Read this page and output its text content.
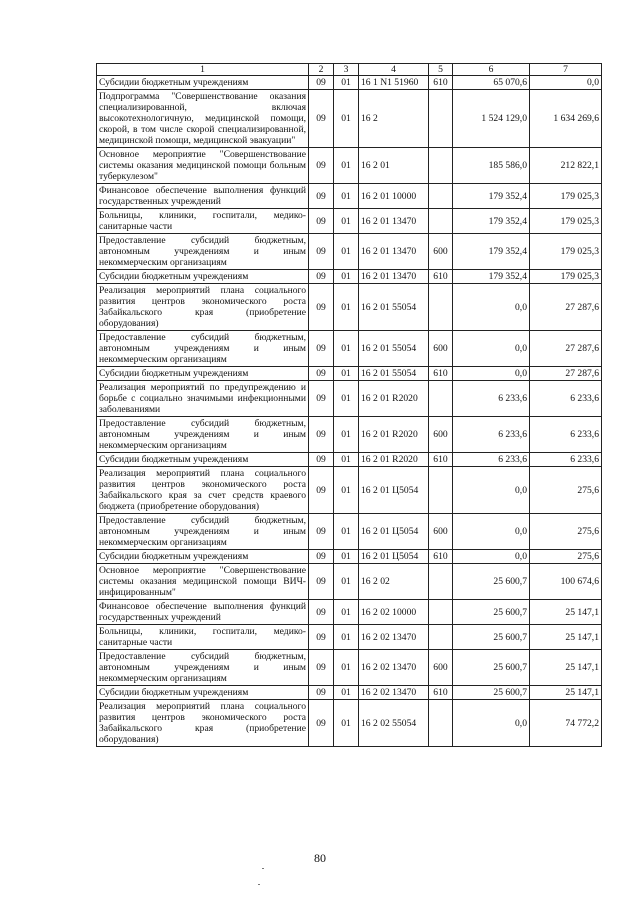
1	2	3	4	5	6	7
Субсидии бюджетным учреждениям	09	01	16 1 N1 51960	610	65 070,6	0,0
Подпрограмма "Совершенствование оказания специализированной, включая высокотехнологичную, медицинской помощи, скорой, в том числе скорой специализированной, медицинской помощи, медицинской эвакуации"	09	01	16 2		1 524 129,0	1 634 269,6
Основное мероприятие "Совершенствование системы оказания медицинской помощи больным туберкулезом"	09	01	16 2 01		185 586,0	212 822,1
Финансовое обеспечение выполнения функций государственных учреждений	09	01	16 2 01 10000		179 352,4	179 025,3
Больницы, клиники, госпитали, медико-санитарные части	09	01	16 2 01 13470		179 352,4	179 025,3
Предоставление субсидий бюджетным, автономным учреждениям и иным некоммерческим организациям	09	01	16 2 01 13470	600	179 352,4	179 025,3
Субсидии бюджетным учреждениям	09	01	16 2 01 13470	610	179 352,4	179 025,3
Реализация мероприятий плана социального развития центров экономического роста Забайкальского края (приобретение оборудования)	09	01	16 2 01 55054		0,0	27 287,6
Предоставление субсидий бюджетным, автономным учреждениям и иным некоммерческим организациям	09	01	16 2 01 55054	600	0,0	27 287,6
Субсидии бюджетным учреждениям	09	01	16 2 01 55054	610	0,0	27 287,6
Реализация мероприятий по предупреждению и борьбе с социально значимыми инфекционными заболеваниями	09	01	16 2 01 R2020		6 233,6	6 233,6
Предоставление субсидий бюджетным, автономным учреждениям и иным некоммерческим организациям	09	01	16 2 01 R2020	600	6 233,6	6 233,6
Субсидии бюджетным учреждениям	09	01	16 2 01 R2020	610	6 233,6	6 233,6
Реализация мероприятий плана социального развития центров экономического роста Забайкальского края за счет средств краевого бюджета (приобретение оборудования)	09	01	16 2 01 Ц5054		0,0	275,6
Предоставление субсидий бюджетным, автономным учреждениям и иным некоммерческим организациям	09	01	16 2 01 Ц5054	600	0,0	275,6
Субсидии бюджетным учреждениям	09	01	16 2 01 Ц5054	610	0,0	275,6
Основное мероприятие "Совершенствование системы оказания медицинской помощи ВИЧ-инфицированным"	09	01	16 2 02		25 600,7	100 674,6
Финансовое обеспечение выполнения функций государственных учреждений	09	01	16 2 02 10000		25 600,7	25 147,1
Больницы, клиники, госпитали, медико-санитарные части	09	01	16 2 02 13470		25 600,7	25 147,1
Предоставление субсидий бюджетным, автономным учреждениям и иным некоммерческим организациям	09	01	16 2 02 13470	600	25 600,7	25 147,1
Субсидии бюджетным учреждениям	09	01	16 2 02 13470	610	25 600,7	25 147,1
Реализация мероприятий плана социального развития центров экономического роста Забайкальского края (приобретение оборудования)	09	01	16 2 02 55054		0,0	74 772,2
80
